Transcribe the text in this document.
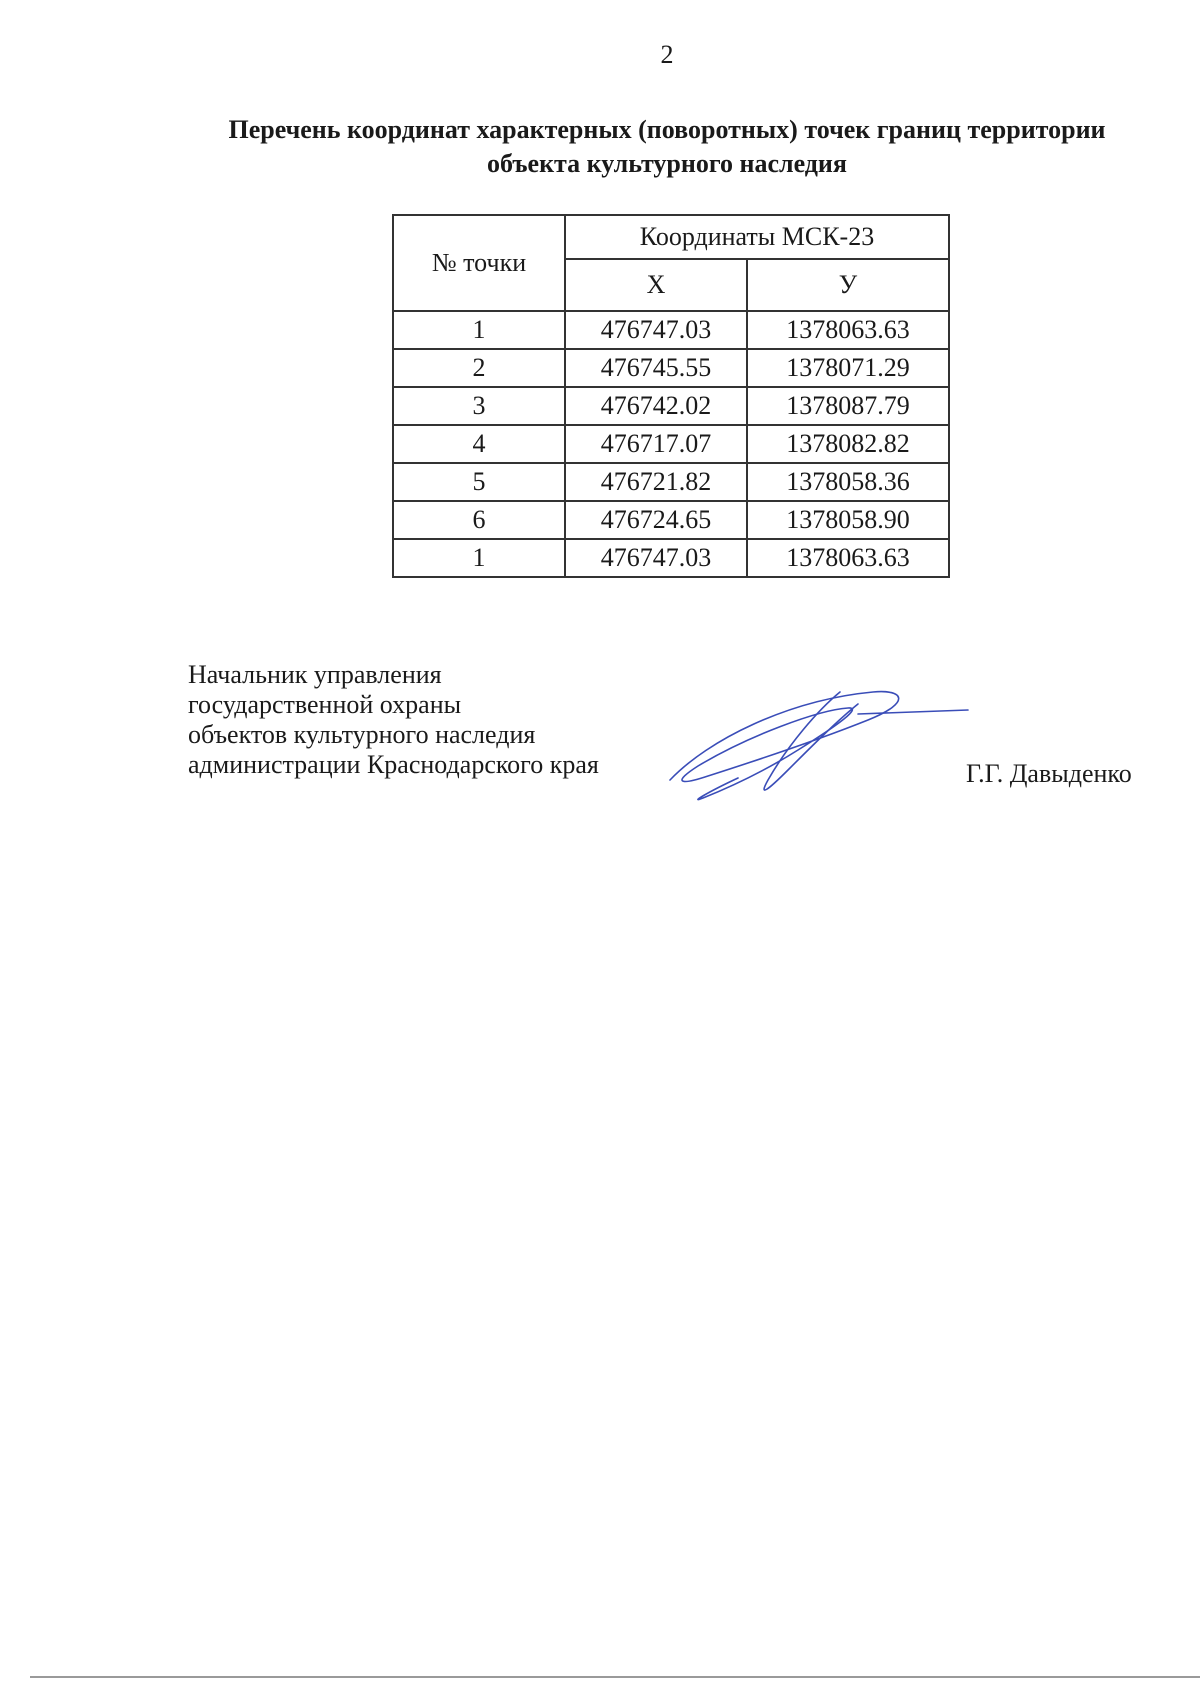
2
Перечень координат характерных (поворотных) точек границ территории
объекта культурного наследия
№ точки	Координаты МСК-23	
	Х	У
1	476747.03	1378063.63
2	476745.55	1378071.29
3	476742.02	1378087.79
4	476717.07	1378082.82
5	476721.82	1378058.36
6	476724.65	1378058.90
1	476747.03	1378063.63
Начальник управления
государственной охраны
объектов культурного наследия
администрации Краснодарского края	Г.Г. Давыденко
